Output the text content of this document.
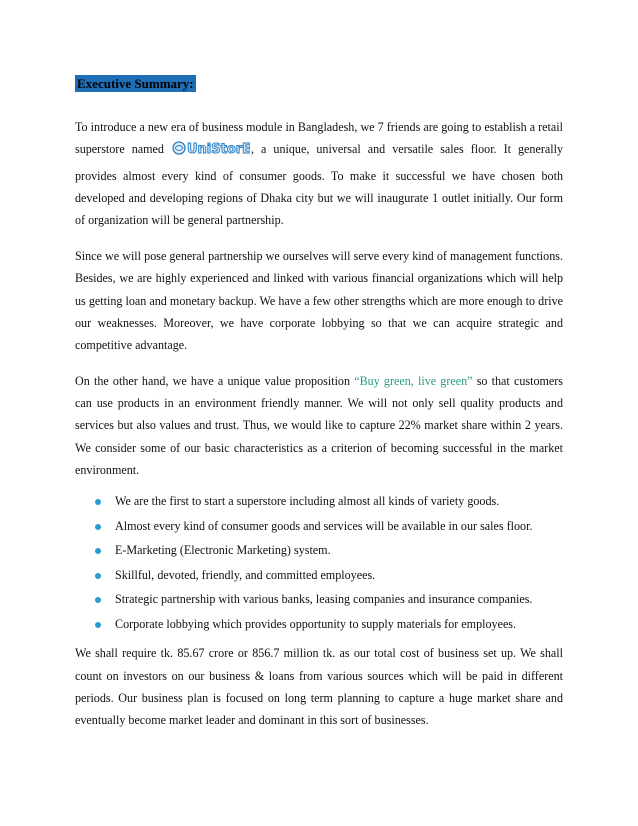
Executive Summary:

To introduce a new era of business module in Bangladesh, we 7 friends are going to establish a retail superstore named UniStorE , a unique, universal and versatile sales floor. It generally provides almost every kind of consumer goods. To make it successful we have chosen both developed and developing regions of Dhaka city but we will inaugurate 1 outlet initially. Our form of organization will be general partnership.

Since we will pose general partnership we ourselves will serve every kind of management functions. Besides, we are highly experienced and linked with various financial organizations which will help us getting loan and monetary backup. We have a few other strengths which are more enough to drive our weaknesses. Moreover, we have corporate lobbying so that we can acquire strategic and competitive advantage.

On the other hand, we have a unique value proposition “Buy green, live green” so that customers can use products in an environment friendly manner. We will not only sell quality products and services but also values and trust. Thus, we would like to capture 22% market share within 2 years. We consider some of our basic characteristics as a criterion of becoming successful in the market environment.

We are the first to start a superstore including almost all kinds of variety goods.
Almost every kind of consumer goods and services will be available in our sales floor.
E-Marketing (Electronic Marketing) system.
Skillful, devoted, friendly, and committed employees.
Strategic partnership with various banks, leasing companies and insurance companies.
Corporate lobbying which provides opportunity to supply materials for employees.

We shall require tk. 85.67 crore or 856.7 million tk. as our total cost of business set up. We shall count on investors on our business & loans from various sources which will be paid in different periods. Our business plan is focused on long term planning to capture a huge market share and eventually become market leader and dominant in this sort of businesses.
